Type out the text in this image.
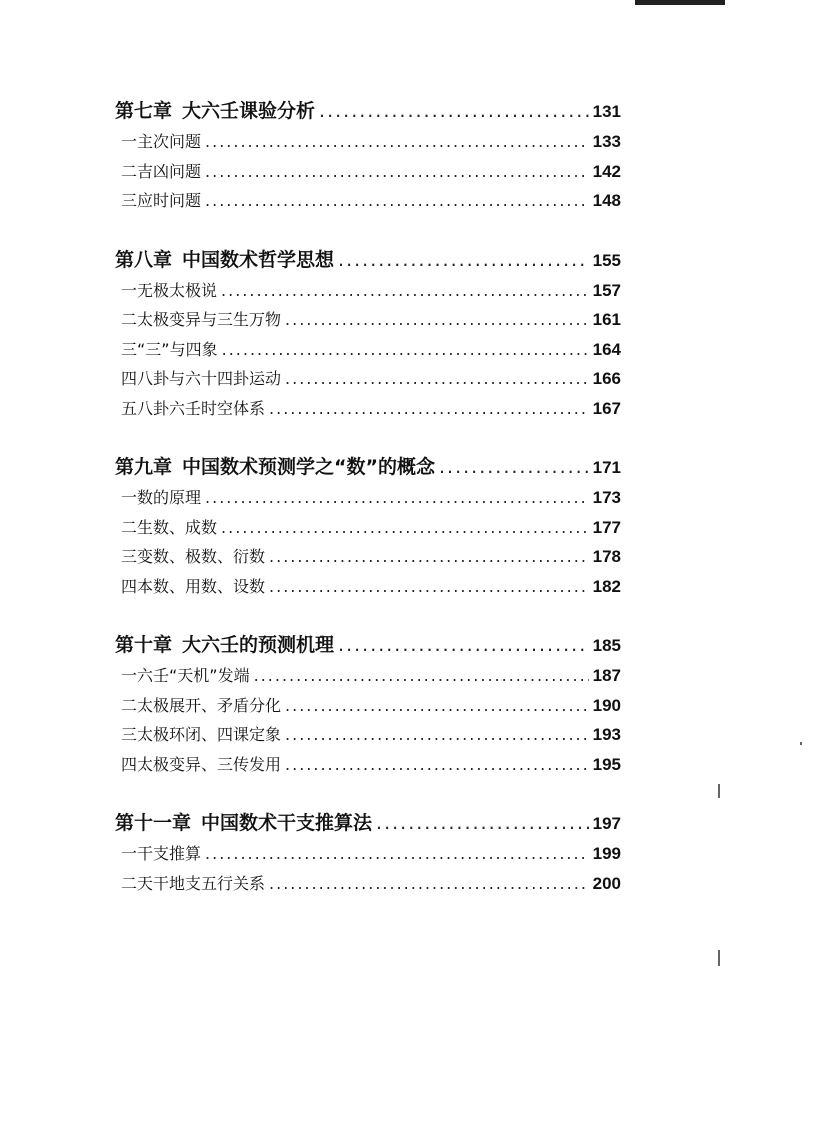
第七章 大六壬课验分析 .....	131
一 主次问题 .....	133
二 吉凶问题 .....	142
三 应时问题 .....	148
第八章 中国数术哲学思想 .....	155
一 无极太极说 .....	157
二 太极变异与三生万物 .....	161
三 “三”与四象 .....	164
四 八卦与六十四卦运动 .....	166
五 八卦六壬时空体系 .....	167
第九章 中国数术预测学之“数”的概念 .....	171
一 数的原理 .....	173
二 生数、成数 .....	177
三 变数、极数、衍数 .....	178
四 本数、用数、设数 .....	182
第十章 大六壬的预测机理 .....	185
一 六壬“天机”发端 .....	187
二 太极展开、矛盾分化 .....	190
三 太极环闭、四课定象 .....	193
四 太极变异、三传发用 .....	195
第十一章 中国数术干支推算法 .....	197
一 干支推算 .....	199
二 天干地支五行关系 .....	200
